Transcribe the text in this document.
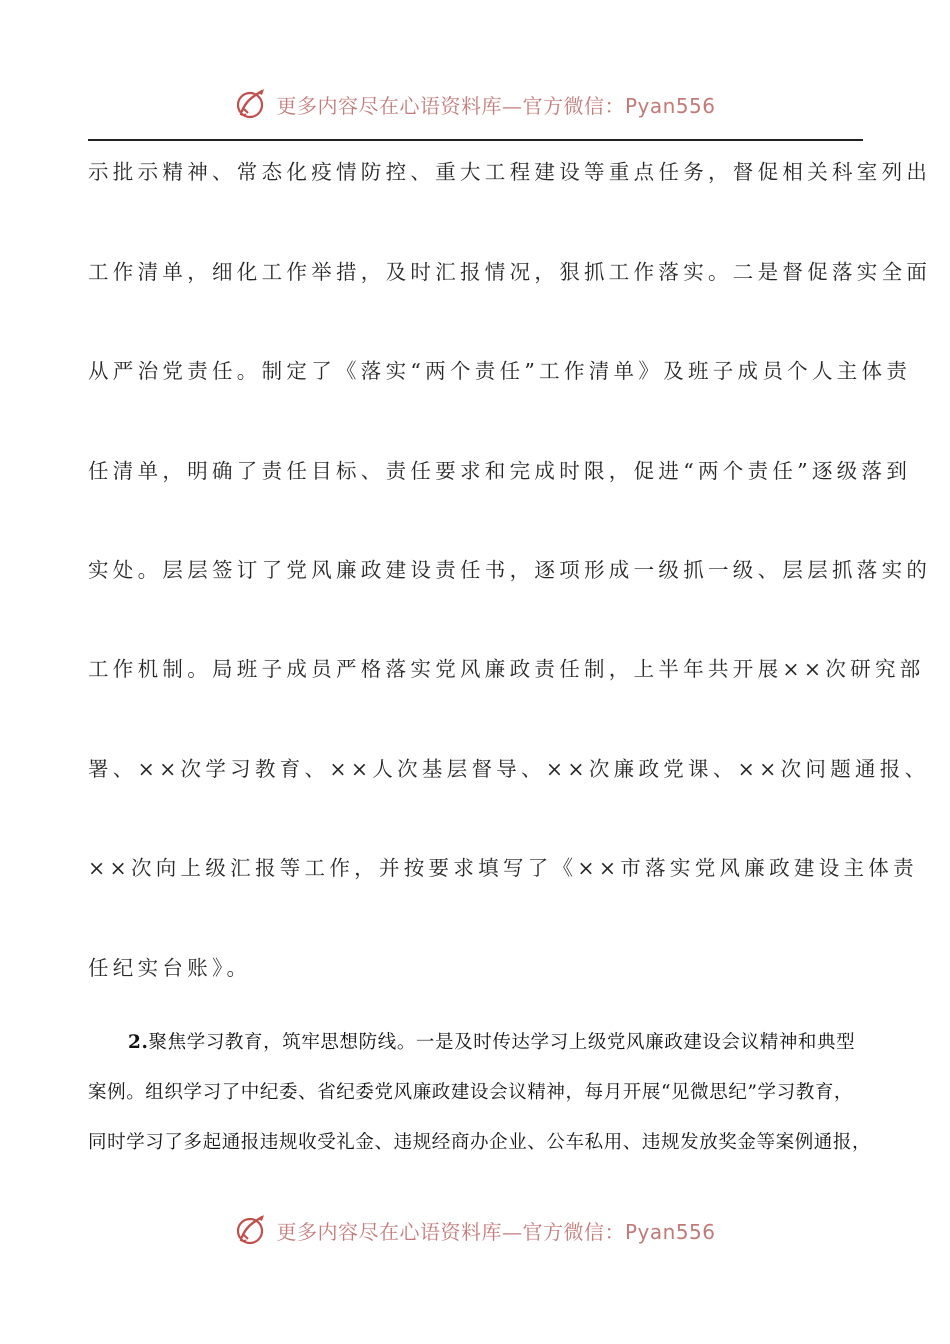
更多内容尽在心语资料库—官方微信：Pyan556
示批示精神、常态化疫情防控、重大工程建设等重点任务，督促相关科室列出
工作清单，细化工作举措，及时汇报情况，狠抓工作落实。二是督促落实全面
从严治党责任。制定了《落实“两个责任”工作清单》及班子成员个人主体责
任清单，明确了责任目标、责任要求和完成时限，促进“两个责任”逐级落到
实处。层层签订了党风廉政建设责任书，逐项形成一级抓一级、层层抓落实的
工作机制。局班子成员严格落实党风廉政责任制，上半年共开展××次研究部
署、××次学习教育、××人次基层督导、××次廉政党课、××次问题通报、
××次向上级汇报等工作，并按要求填写了《××市落实党风廉政建设主体责
任纪实台账》。
2.聚焦学习教育，筑牢思想防线。一是及时传达学习上级党风廉政建设会议精神和典型
案例。组织学习了中纪委、省纪委党风廉政建设会议精神，每月开展“见微思纪”学习教育，
同时学习了多起通报违规收受礼金、违规经商办企业、公车私用、违规发放奖金等案例通报，
更多内容尽在心语资料库—官方微信：Pyan556
